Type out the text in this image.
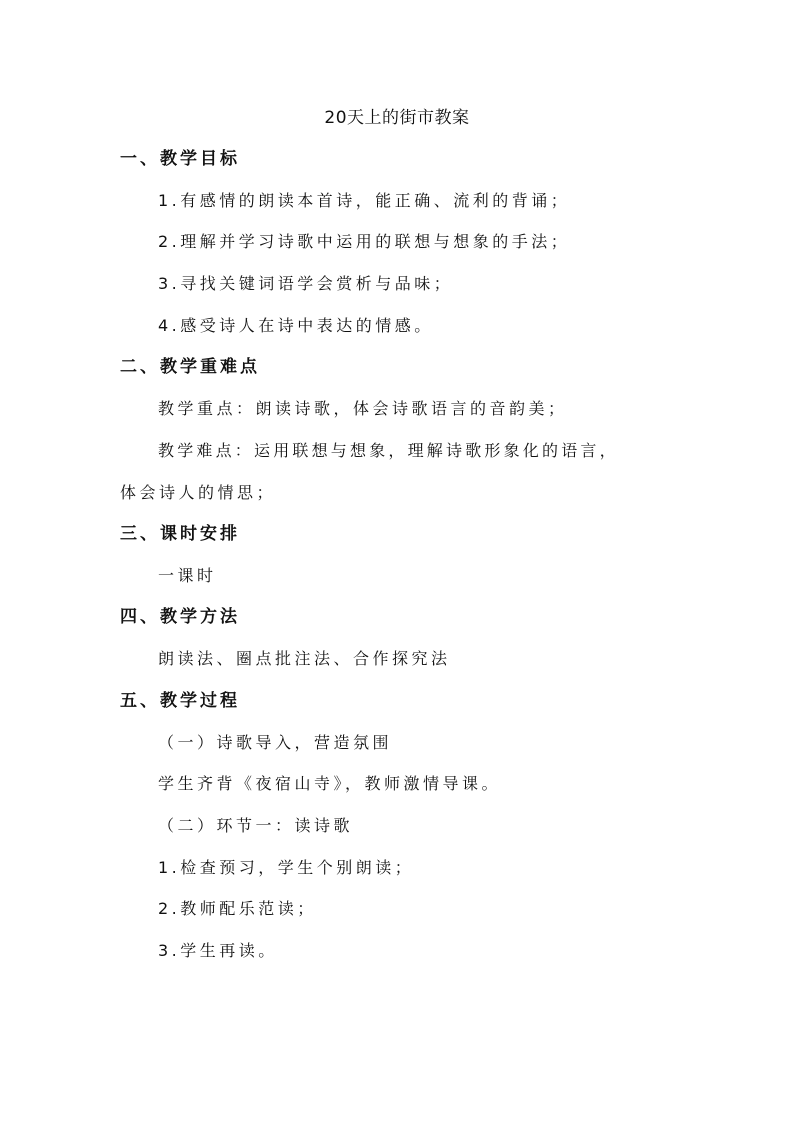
20天上的街市教案
一、教学目标
1.有感情的朗读本首诗，能正确、流利的背诵；
2.理解并学习诗歌中运用的联想与想象的手法；
3.寻找关键词语学会赏析与品味；
4.感受诗人在诗中表达的情感。
二、教学重难点
教学重点：朗读诗歌，体会诗歌语言的音韵美；
教学难点：运用联想与想象，理解诗歌形象化的语言，
体会诗人的情思；
三、课时安排
一课时
四、教学方法
朗读法、圈点批注法、合作探究法
五、教学过程
（一）诗歌导入，营造氛围
学生齐背《夜宿山寺》，教师激情导课。
（二）环节一：读诗歌
1.检查预习，学生个别朗读；
2.教师配乐范读；
3.学生再读。
